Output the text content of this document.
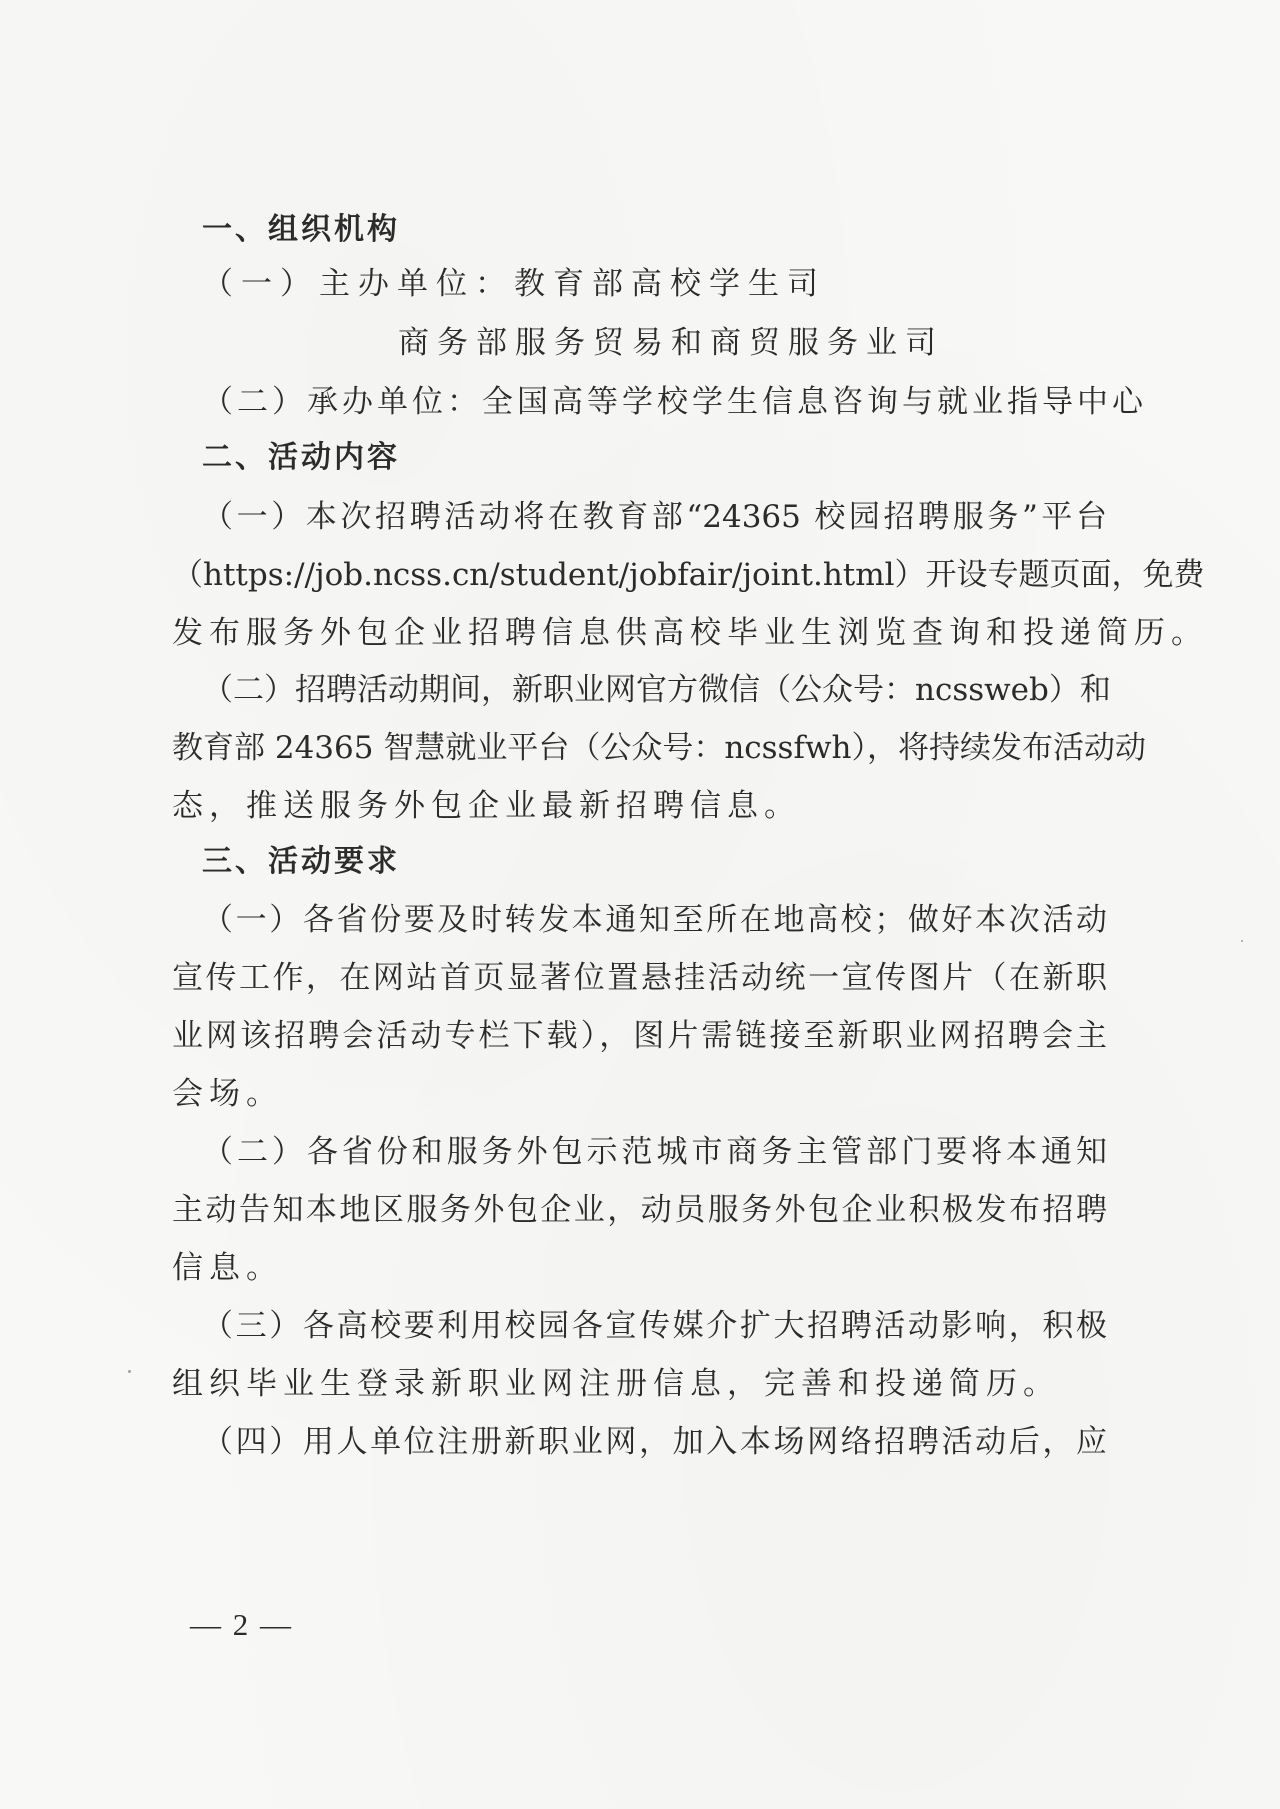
一、组织机构
（一）主办单位：教育部高校学生司
商务部服务贸易和商贸服务业司
（二）承办单位：全国高等学校学生信息咨询与就业指导中心
二、活动内容
（一）本次招聘活动将在教育部“24365 校园招聘服务”平台
（https://job.ncss.cn/student/jobfair/joint.html）开设专题页面，免费
发布服务外包企业招聘信息供高校毕业生浏览查询和投递简历。
（二）招聘活动期间，新职业网官方微信（公众号：ncssweb）和
教育部 24365 智慧就业平台（公众号：ncssfwh），将持续发布活动动
态，推送服务外包企业最新招聘信息。
三、活动要求
（一）各省份要及时转发本通知至所在地高校；做好本次活动
宣传工作，在网站首页显著位置悬挂活动统一宣传图片（在新职
业网该招聘会活动专栏下载），图片需链接至新职业网招聘会主
会场。
（二）各省份和服务外包示范城市商务主管部门要将本通知
主动告知本地区服务外包企业，动员服务外包企业积极发布招聘
信息。
（三）各高校要利用校园各宣传媒介扩大招聘活动影响，积极
组织毕业生登录新职业网注册信息，完善和投递简历。
（四）用人单位注册新职业网，加入本场网络招聘活动后，应
— 2 —
